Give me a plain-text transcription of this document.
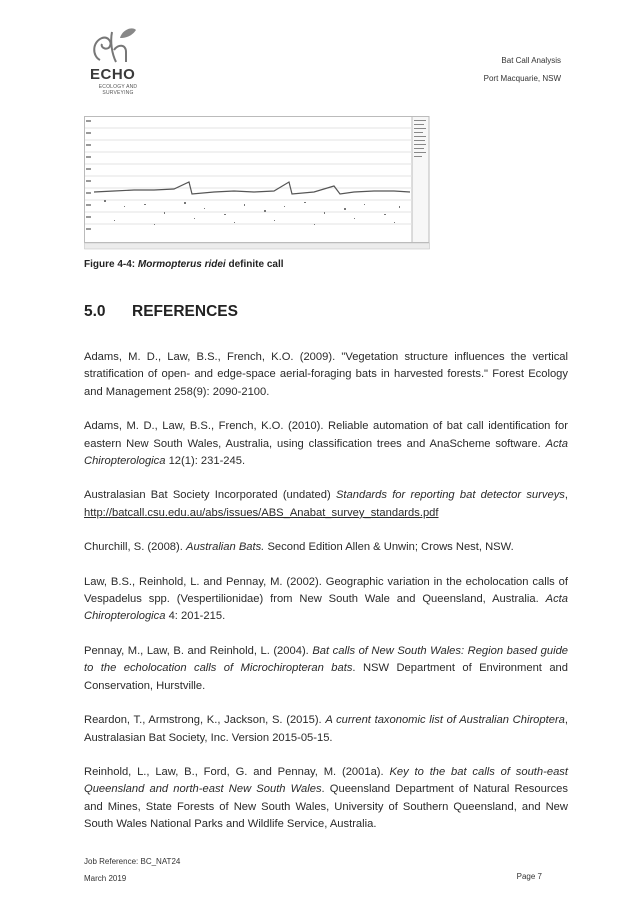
ECHO
ECOLOGY AND SURVEYING
Bat Call Analysis
Port Macquarie, NSW
Figure 4-4: Mormopterus ridei definite call
5.0 REFERENCES

Adams, M. D., Law, B.S., French, K.O. (2009). "Vegetation structure influences the vertical stratification of open- and edge-space aerial-foraging bats in harvested forests." Forest Ecology and Management 258(9): 2090-2100.

Adams, M. D., Law, B.S., French, K.O. (2010). Reliable automation of bat call identification for eastern New South Wales, Australia, using classification trees and AnaScheme software. Acta Chiropterologica 12(1): 231-245.

Australasian Bat Society Incorporated (undated) Standards for reporting bat detector surveys, http://batcall.csu.edu.au/abs/issues/ABS_Anabat_survey_standards.pdf

Churchill, S. (2008). Australian Bats. Second Edition Allen & Unwin; Crows Nest, NSW.

Law, B.S., Reinhold, L. and Pennay, M. (2002). Geographic variation in the echolocation calls of Vespadelus spp. (Vespertilionidae) from New South Wale and Queensland, Australia. Acta Chiropterologica 4: 201-215.

Pennay, M., Law, B. and Reinhold, L. (2004). Bat calls of New South Wales: Region based guide to the echolocation calls of Microchiropteran bats. NSW Department of Environment and Conservation, Hurstville.

Reardon, T., Armstrong, K., Jackson, S. (2015). A current taxonomic list of Australian Chiroptera, Australasian Bat Society, Inc. Version 2015-05-15.

Reinhold, L., Law, B., Ford, G. and Pennay, M. (2001a). Key to the bat calls of south-east Queensland and north-east New South Wales. Queensland Department of Natural Resources and Mines, State Forests of New South Wales, University of Southern Queensland, and New South Wales National Parks and Wildlife Service, Australia.

Job Reference: BC_NAT24
March 2019	Page 7
